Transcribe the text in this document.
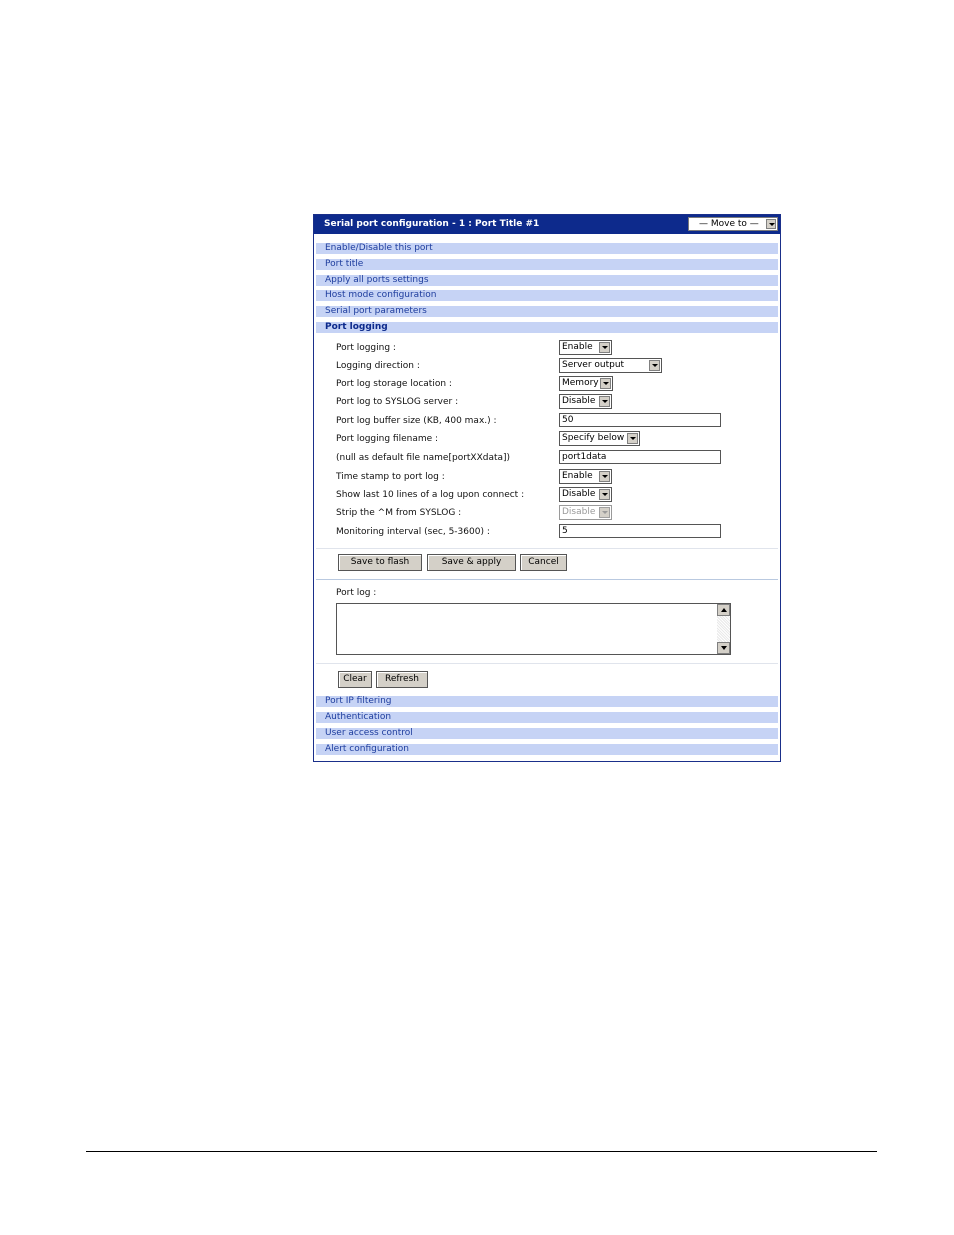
Serial port configuration - 1 : Port Title #1	— Move to —
Enable/Disable this port
Port title
Apply all ports settings
Host mode configuration
Serial port parameters
Port logging
Port logging :	Enable
Logging direction :	Server output
Port log storage location :	Memory
Port log to SYSLOG server :	Disable
Port log buffer size (KB, 400 max.) :	50
Port logging filename :	Specify below
(null as default file name[portXXdata])	port1data
Time stamp to port log :	Enable
Show last 10 lines of a log upon connect :	Disable
Strip the ^M from SYSLOG :	Disable
Monitoring interval (sec, 5-3600) :	5
Save to flash	Save & apply	Cancel
Port log :
Clear	Refresh
Port IP filtering
Authentication
User access control
Alert configuration
